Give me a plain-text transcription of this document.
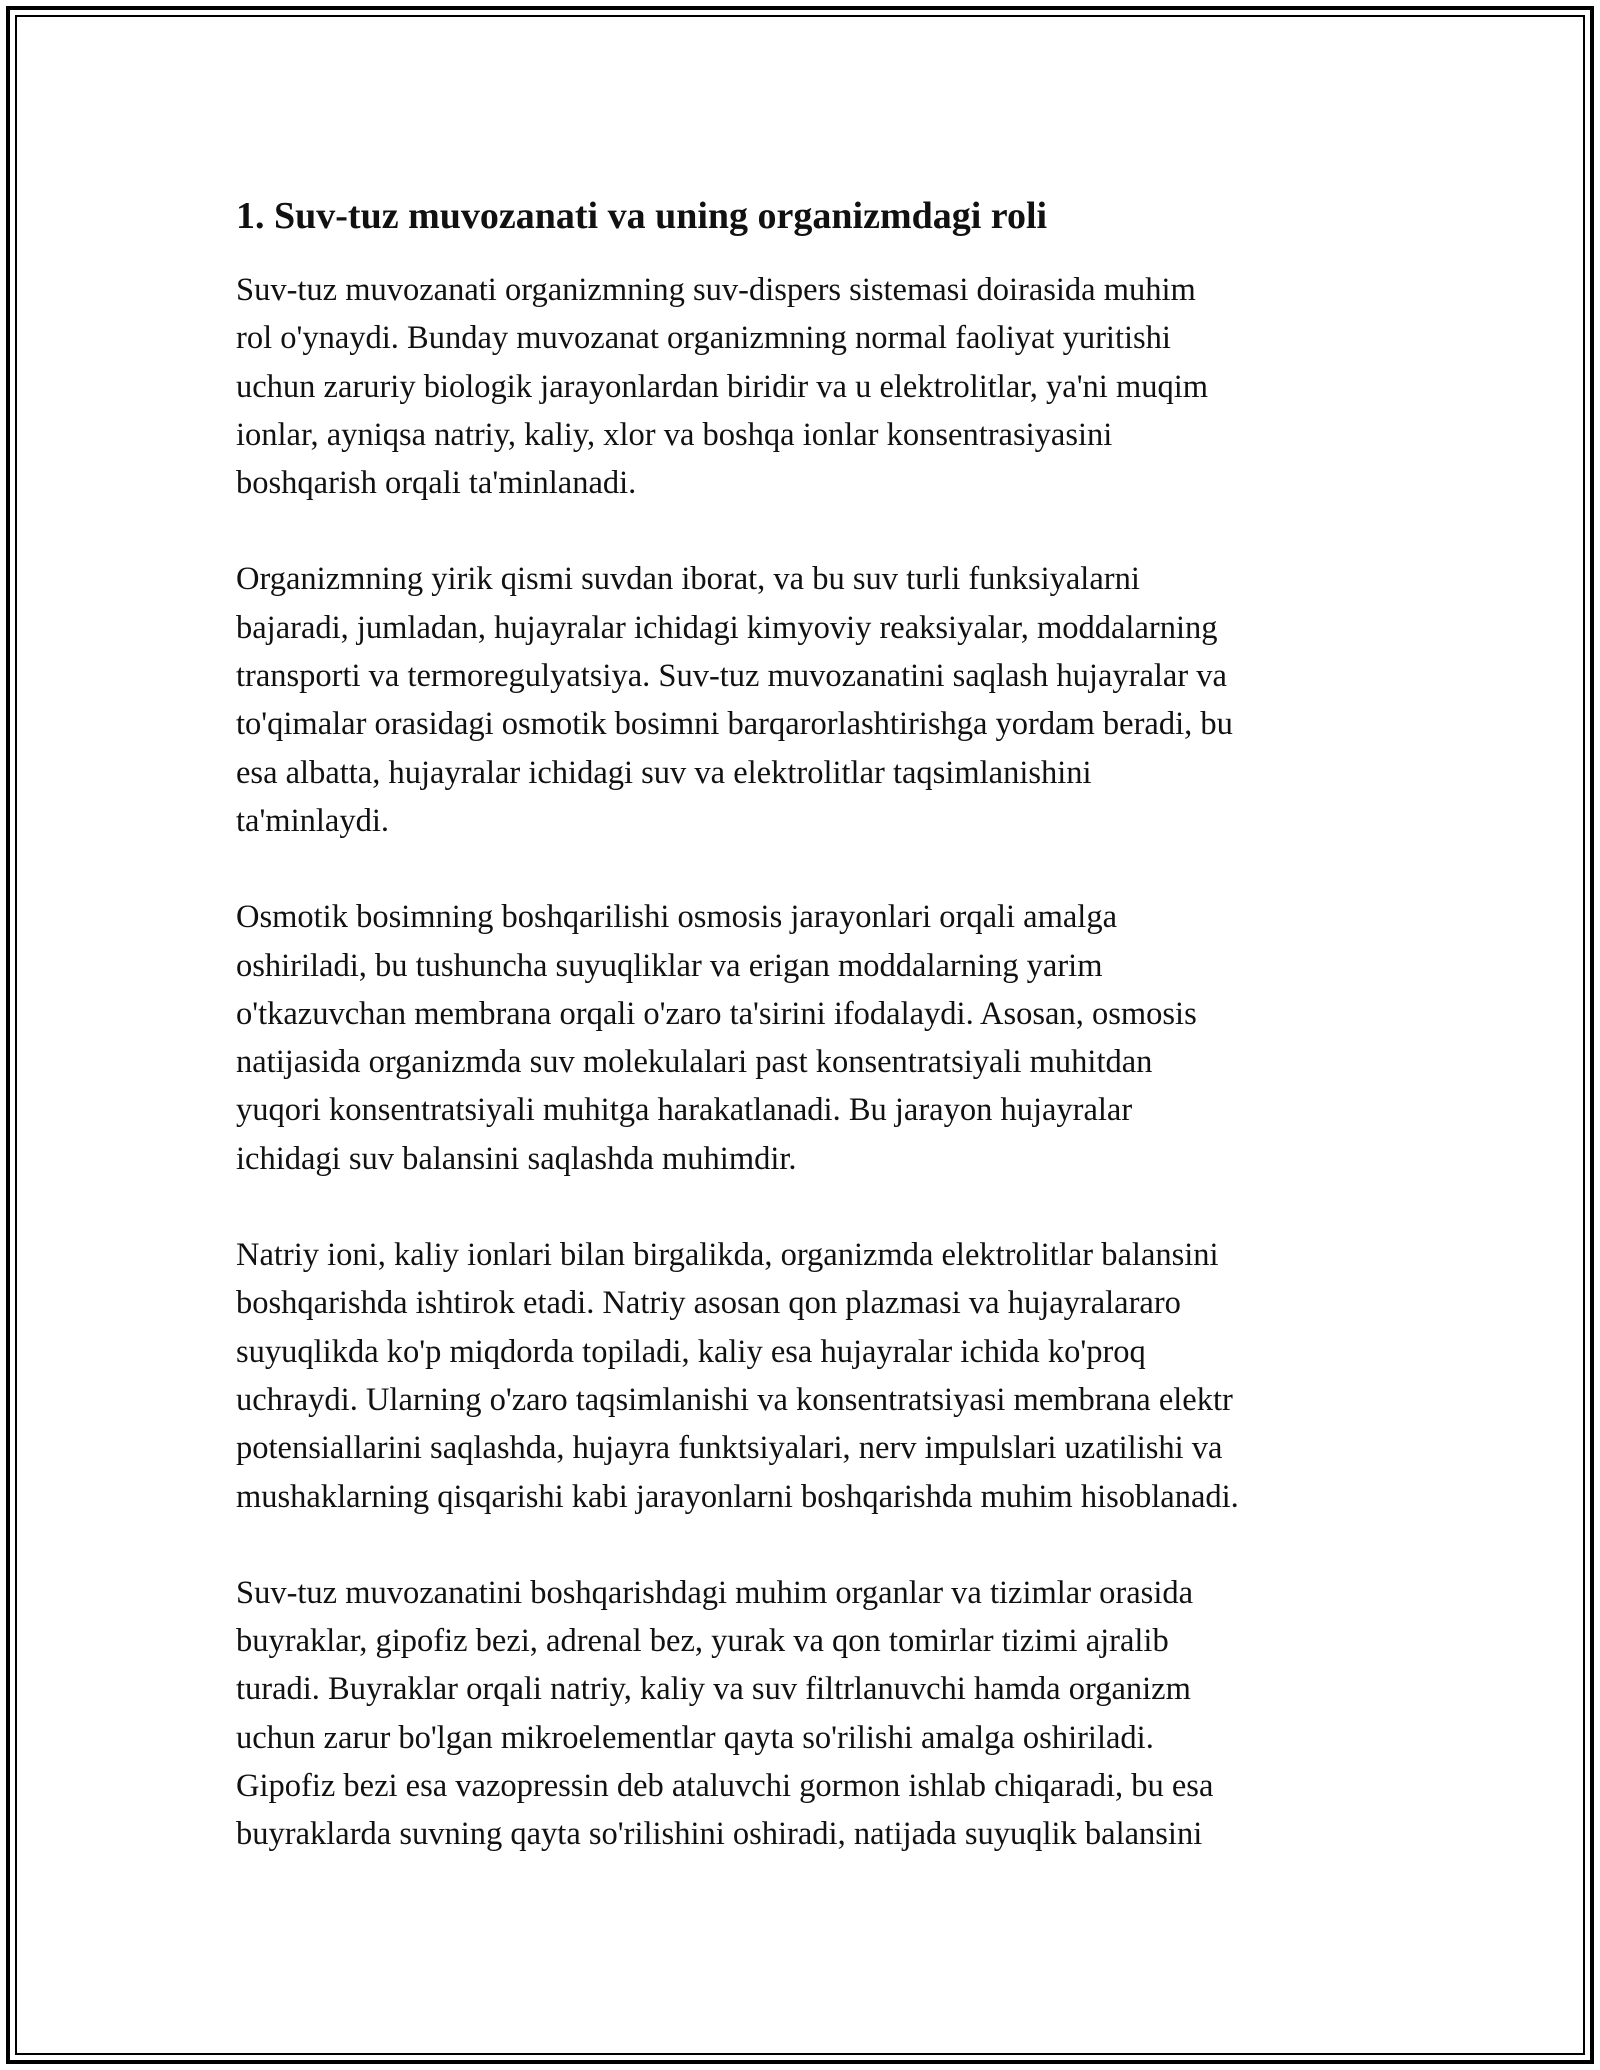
1. Suv-tuz muvozanati va uning organizmdagi roli

Suv-tuz muvozanati organizmning suv-dispers sistemasi doirasida muhim
rol o'ynaydi. Bunday muvozanat organizmning normal faoliyat yuritishi
uchun zaruriy biologik jarayonlardan biridir va u elektrolitlar, ya'ni muqim
ionlar, ayniqsa natriy, kaliy, xlor va boshqa ionlar konsentrasiyasini
boshqarish orqali ta'minlanadi.

Organizmning yirik qismi suvdan iborat, va bu suv turli funksiyalarni
bajaradi, jumladan, hujayralar ichidagi kimyoviy reaksiyalar, moddalarning
transporti va termoregulyatsiya. Suv-tuz muvozanatini saqlash hujayralar va
to'qimalar orasidagi osmotik bosimni barqarorlashtirishga yordam beradi, bu
esa albatta, hujayralar ichidagi suv va elektrolitlar taqsimlanishini
ta'minlaydi.

Osmotik bosimning boshqarilishi osmosis jarayonlari orqali amalga
oshiriladi, bu tushuncha suyuqliklar va erigan moddalarning yarim
o'tkazuvchan membrana orqali o'zaro ta'sirini ifodalaydi. Asosan, osmosis
natijasida organizmda suv molekulalari past konsentratsiyali muhitdan
yuqori konsentratsiyali muhitga harakatlanadi. Bu jarayon hujayralar
ichidagi suv balansini saqlashda muhimdir.

Natriy ioni, kaliy ionlari bilan birgalikda, organizmda elektrolitlar balansini
boshqarishda ishtirok etadi. Natriy asosan qon plazmasi va hujayralararo
suyuqlikda ko'p miqdorda topiladi, kaliy esa hujayralar ichida ko'proq
uchraydi. Ularning o'zaro taqsimlanishi va konsentratsiyasi membrana elektr
potensiallarini saqlashda, hujayra funktsiyalari, nerv impulslari uzatilishi va
mushaklarning qisqarishi kabi jarayonlarni boshqarishda muhim hisoblanadi.

Suv-tuz muvozanatini boshqarishdagi muhim organlar va tizimlar orasida
buyraklar, gipofiz bezi, adrenal bez, yurak va qon tomirlar tizimi ajralib
turadi. Buyraklar orqali natriy, kaliy va suv filtrlanuvchi hamda organizm
uchun zarur bo'lgan mikroelementlar qayta so'rilishi amalga oshiriladi.
Gipofiz bezi esa vazopressin deb ataluvchi gormon ishlab chiqaradi, bu esa
buyraklarda suvning qayta so'rilishini oshiradi, natijada suyuqlik balansini
